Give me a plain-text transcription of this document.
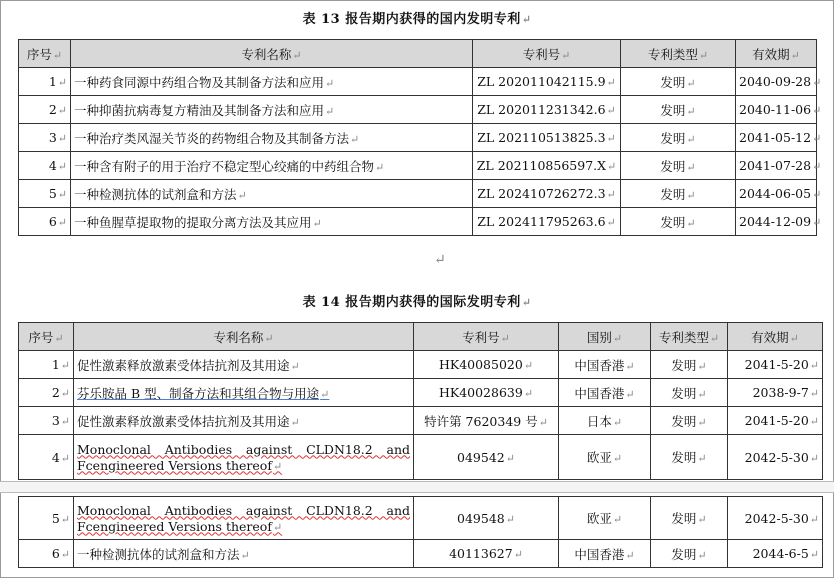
表 13 报告期内获得的国内发明专利↵
序号↵	专利名称↵	专利号↵	专利类型↵	有效期↵
1↵	一种药食同源中药组合物及其制备方法和应用↵	ZL 202011042115.9↵	发明↵	2040-09-28↵
2↵	一种抑菌抗病毒复方精油及其制备方法和应用↵	ZL 202011231342.6↵	发明↵	2040-11-06↵
3↵	一种治疗类风湿关节炎的药物组合物及其制备方法↵	ZL 202110513825.3↵	发明↵	2041-05-12↵
4↵	一种含有附子的用于治疗不稳定型心绞痛的中药组合物↵	ZL 202110856597.X↵	发明↵	2041-07-28↵
5↵	一种检测抗体的试剂盒和方法↵	ZL 202410726272.3↵	发明↵	2044-06-05↵
6↵	一种鱼腥草提取物的提取分离方法及其应用↵	ZL 202411795263.6↵	发明↵	2044-12-09↵
↵
表 14 报告期内获得的国际发明专利↵
序号↵	专利名称↵	专利号↵	国别↵	专利类型↵	有效期↵
1↵	促性激素释放激素受体拮抗剂及其用途↵	HK40085020↵	中国香港↵	发明↵	2041-5-20↵
2↵	芬乐胺晶 B 型、制备方法和其组合物与用途↵	HK40028639↵	中国香港↵	发明↵	2038-9-7↵
3↵	促性激素释放激素受体拮抗剂及其用途↵	特许第 7620349 号↵	日本↵	发明↵	2041-5-20↵
4↵	Monoclonal Antibodies against CLDN18.2 and Fcengineered Versions thereof↵	049542↵	欧亚↵	发明↵	2042-5-30↵
5↵	Monoclonal Antibodies against CLDN18.2 and Fcengineered Versions thereof↵	049548↵	欧亚↵	发明↵	2042-5-30↵
6↵	一种检测抗体的试剂盒和方法↵	40113627↵	中国香港↵	发明↵	2044-6-5↵
